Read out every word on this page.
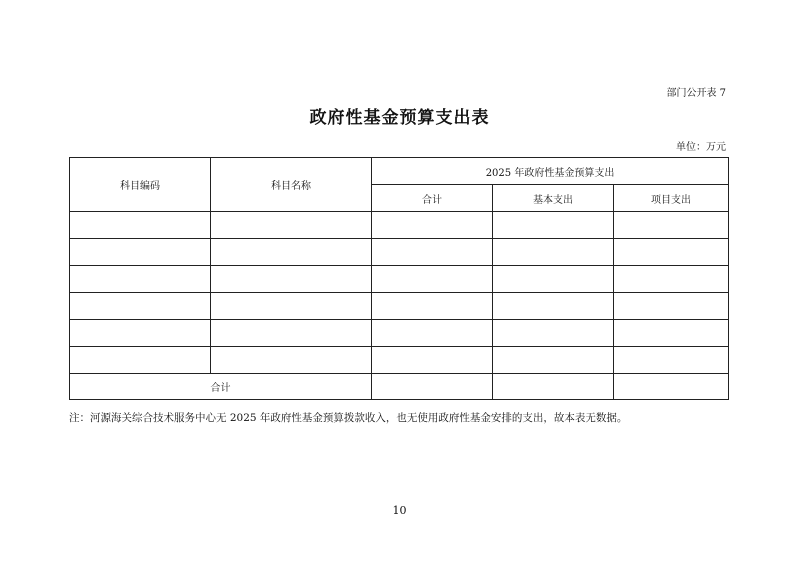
部门公开表 7
政府性基金预算支出表
单位：万元
科目编码	科目名称	2025 年政府性基金预算支出		
		合计	基本支出	项目支出

合计				
注：河源海关综合技术服务中心无 2025 年政府性基金预算拨款收入，也无使用政府性基金安排的支出，故本表无数据。
10
